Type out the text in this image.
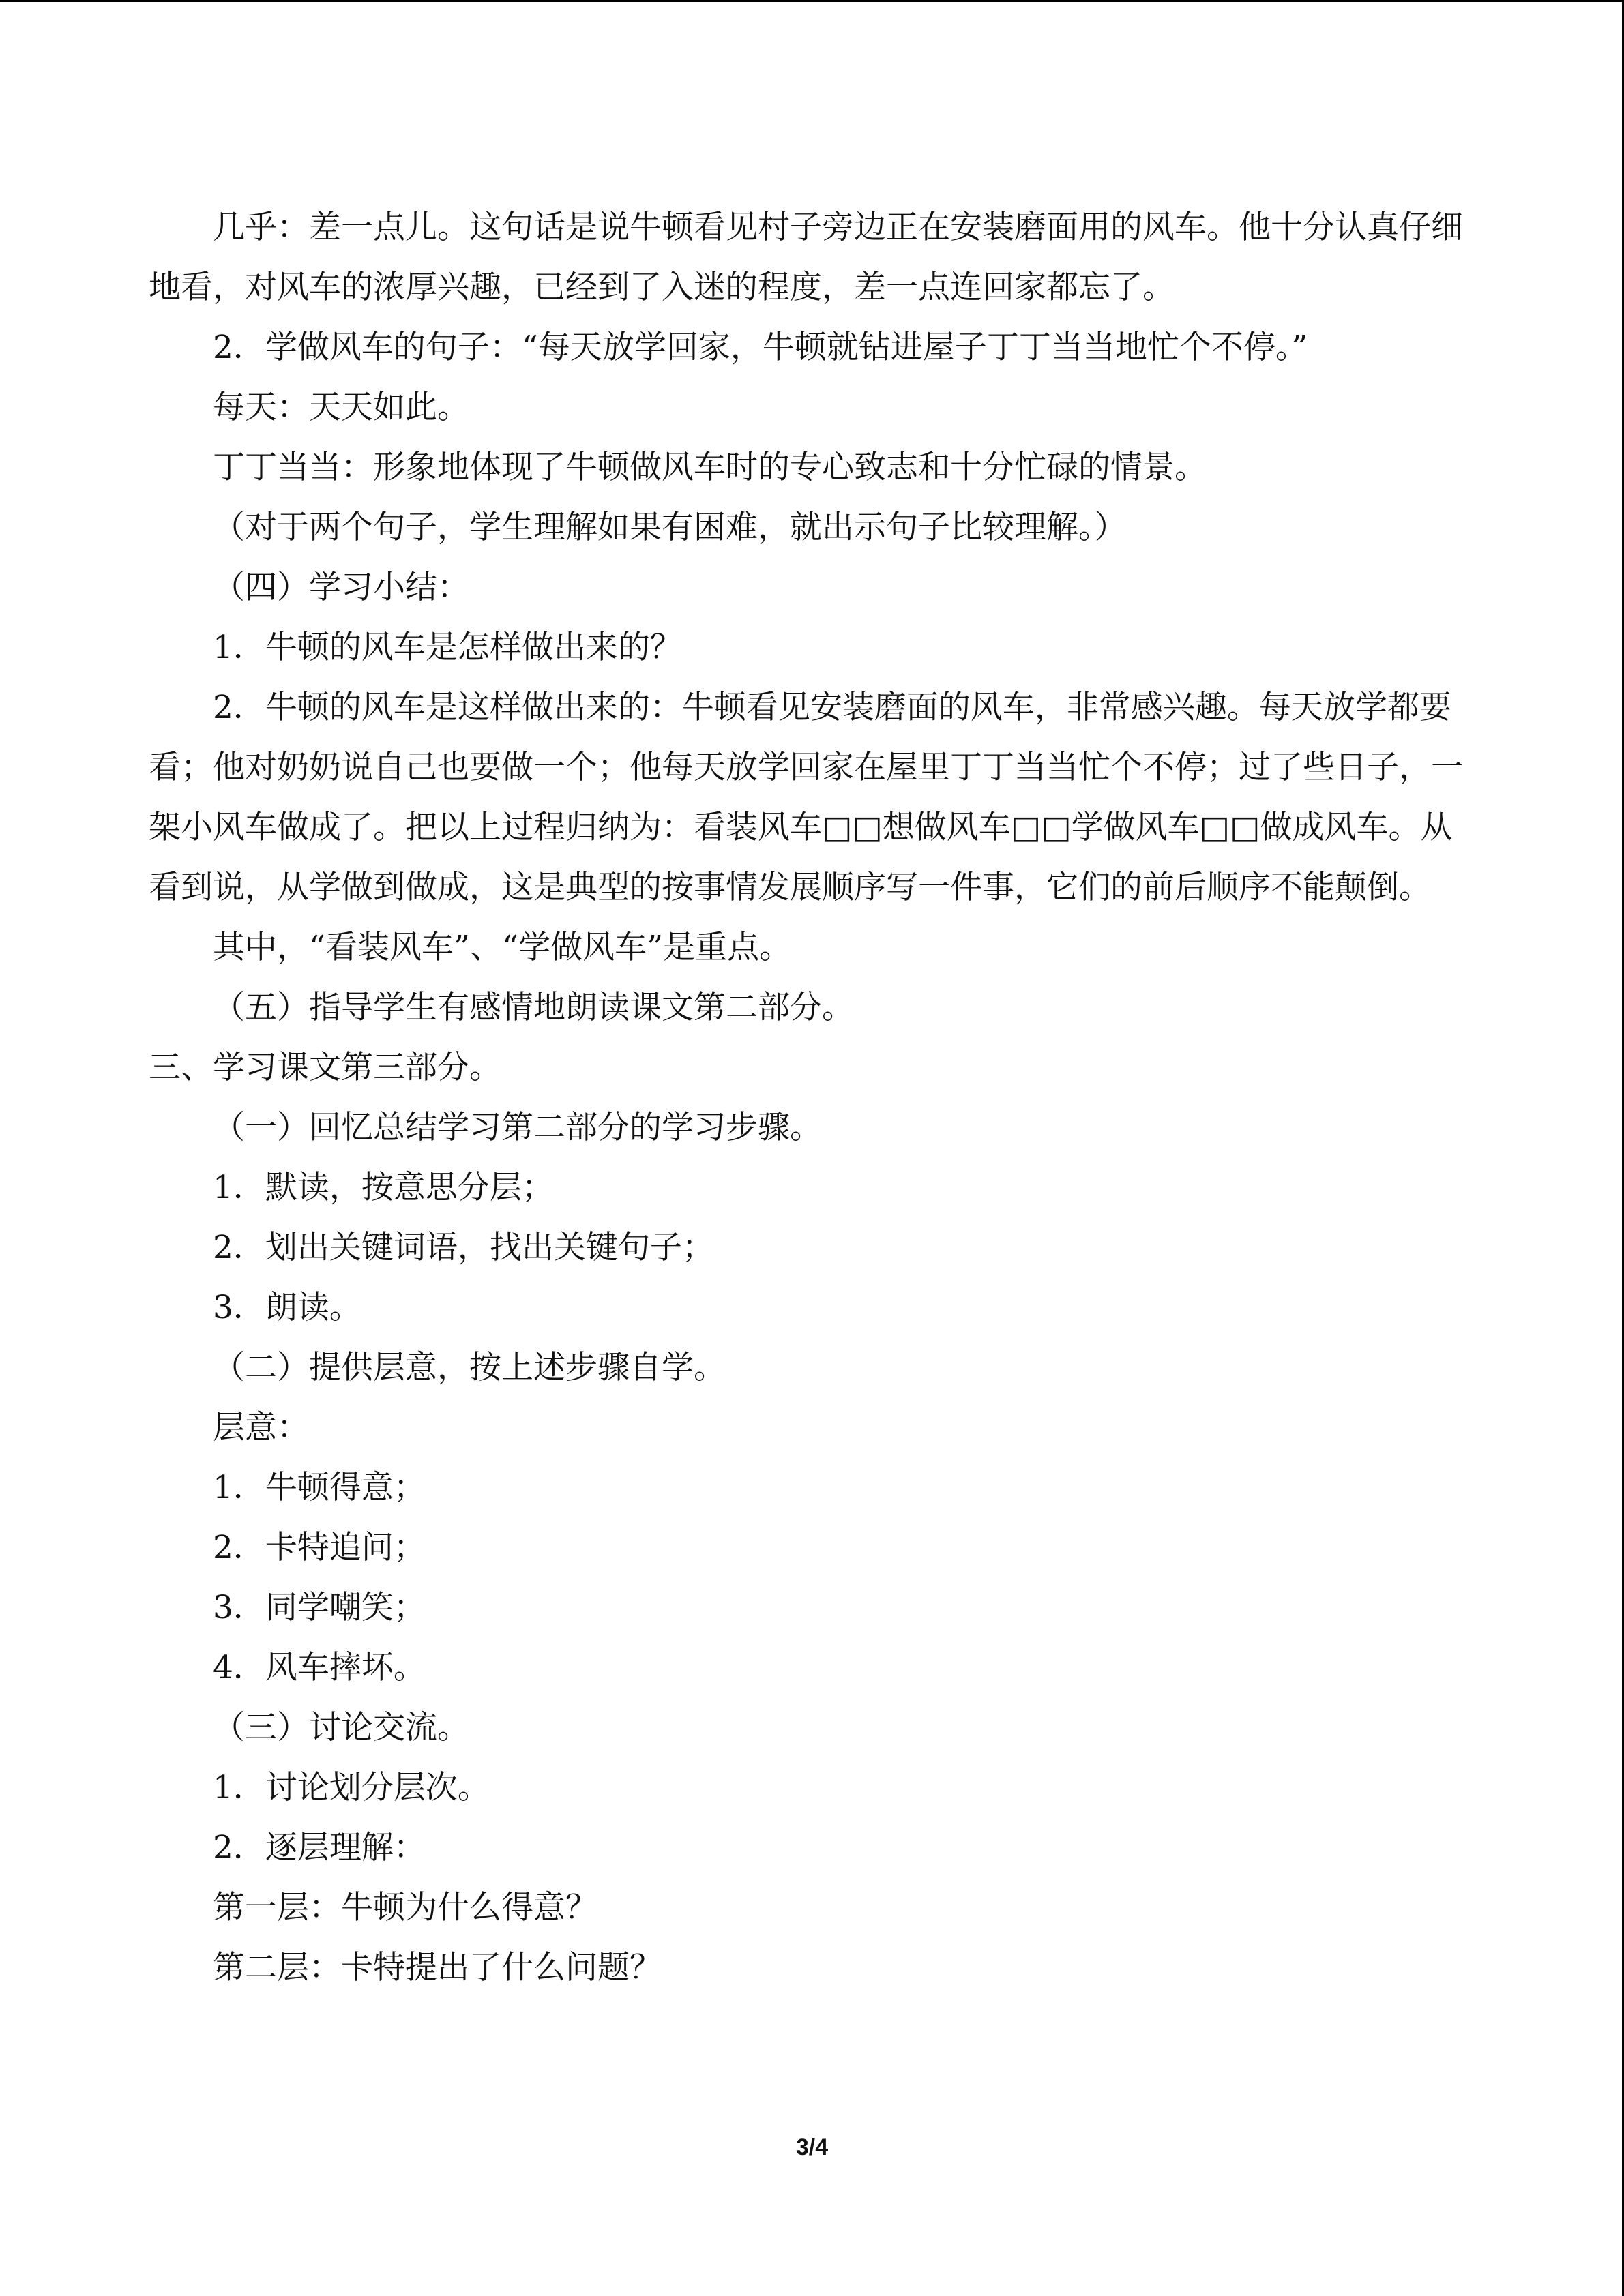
几乎：差一点儿。这句话是说牛顿看见村子旁边正在安装磨面用的风车。他十分认真仔细地看，对风车的浓厚兴趣，已经到了入迷的程度，差一点连回家都忘了。

2．学做风车的句子：“每天放学回家，牛顿就钻进屋子丁丁当当地忙个不停。”

每天：天天如此。

丁丁当当：形象地体现了牛顿做风车时的专心致志和十分忙碌的情景。

（对于两个句子，学生理解如果有困难，就出示句子比较理解。）

（四）学习小结：

1．牛顿的风车是怎样做出来的？

2．牛顿的风车是这样做出来的：牛顿看见安装磨面的风车，非常感兴趣。每天放学都要看；他对奶奶说自己也要做一个；他每天放学回家在屋里丁丁当当忙个不停；过了些日子，一架小风车做成了。把以上过程归纳为：看装风车□□想做风车□□学做风车□□做成风车。从看到说，从学做到做成，这是典型的按事情发展顺序写一件事，它们的前后顺序不能颠倒。

其中，“看装风车”、“学做风车”是重点。

（五）指导学生有感情地朗读课文第二部分。

三、学习课文第三部分。

（一）回忆总结学习第二部分的学习步骤。

1．默读，按意思分层；

2．划出关键词语，找出关键句子；

3．朗读。

（二）提供层意，按上述步骤自学。

层意：

1．牛顿得意；

2．卡特追问；

3．同学嘲笑；

4．风车摔坏。

（三）讨论交流。

1．讨论划分层次。

2．逐层理解：

第一层：牛顿为什么得意？

第二层：卡特提出了什么问题？

3/4
